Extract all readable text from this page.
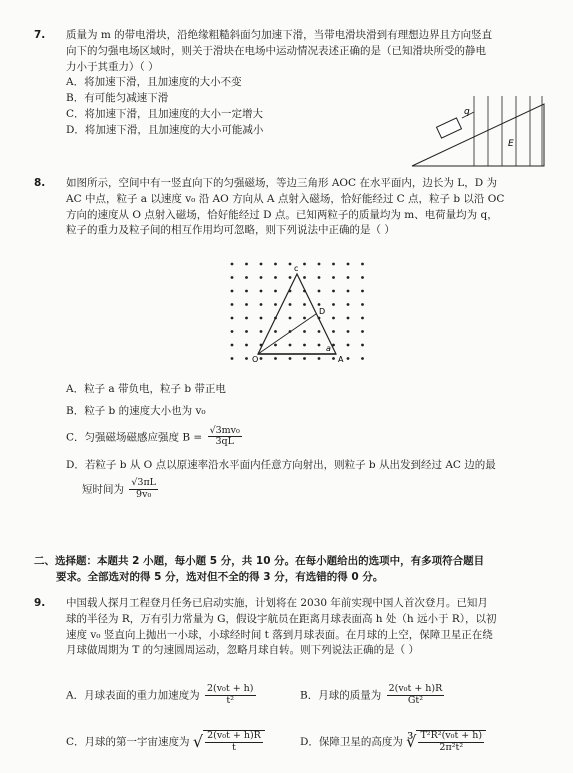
7. 质量为 m 的带电滑块，沿绝缘粗糙斜面匀加速下滑，当带电滑块滑到有理想边界且方向竖直

向下的匀强电场区域时，则关于滑块在电场中运动情况表述正确的是（已知滑块所受的静电

力小于其重力）（ ）

A．将加速下滑，且加速度的大小不变

B．有可能匀减速下滑

C．将加速下滑，且加速度的大小一定增大

D．将加速下滑，且加速度的大小可能减小

q
E
8. 如图所示，空间中有一竖直向下的匀强磁场，等边三角形 AOC 在水平面内，边长为 L，D 为

AC 中点，粒子 a 以速度 v₀ 沿 AO 方向从 A 点射入磁场，恰好能经过 C 点，粒子 b 以沿 OC

方向的速度从 O 点射入磁场，恰好能经过 D 点。已知两粒子的质量均为 m、电荷量均为 q，

粒子的重力及粒子间的相互作用均可忽略，则下列说法中正确的是（ ）

c
D
O	A
a

A．粒子 a 带负电，粒子 b 带正电

B．粒子 b 的速度大小也为 v₀

C．匀强磁场磁感应强度 $B = \frac{\text{√3mv₀}}{3qL}$

D．若粒子 b 从 O 点以原速率沿水平面内任意方向射出，则粒子 b 从出发到经过 AC 边的最

短时间为 $\frac{√3\pi L}{\text{9v₀}}$

二、选择题：本题共 2 小题，每小题 5 分，共 10 分。在每小题给出的选项中，有多项符合题目

要求。全部选对的得 5 分，选对但不全的得 3 分，有选错的得 0 分。

9. 中国载人探月工程登月任务已启动实施，计划将在 2030 年前实现中国人首次登月。已知月

球的半径为 R，万有引力常量为 G，假设宇航员在距离月球表面高 h 处（h 远小于 R），以初

速度 v₀ 竖直向上抛出一小球，小球经时间 t 落到月球表面。在月球的上空，保障卫星正在绕

月球做周期为 T 的匀速圆周运动，忽略月球自转。则下列说法正确的是（ ）

A．月球表面的重力加速度为 $\frac{\text{2(v₀t + h)}}{\text{t²}}$	B．月球的质量为 $\frac{\text{2(v₀t + h)R}}{\text{Gt²}}$
C．月球的第一宇宙速度为 √ $\frac{\text{2(v₀t + h)R}}{t}$	D．保障卫星的高度为 ∛ $\frac{\text{T²R²(v₀t + h)}}{\text{2π²t²}}$
